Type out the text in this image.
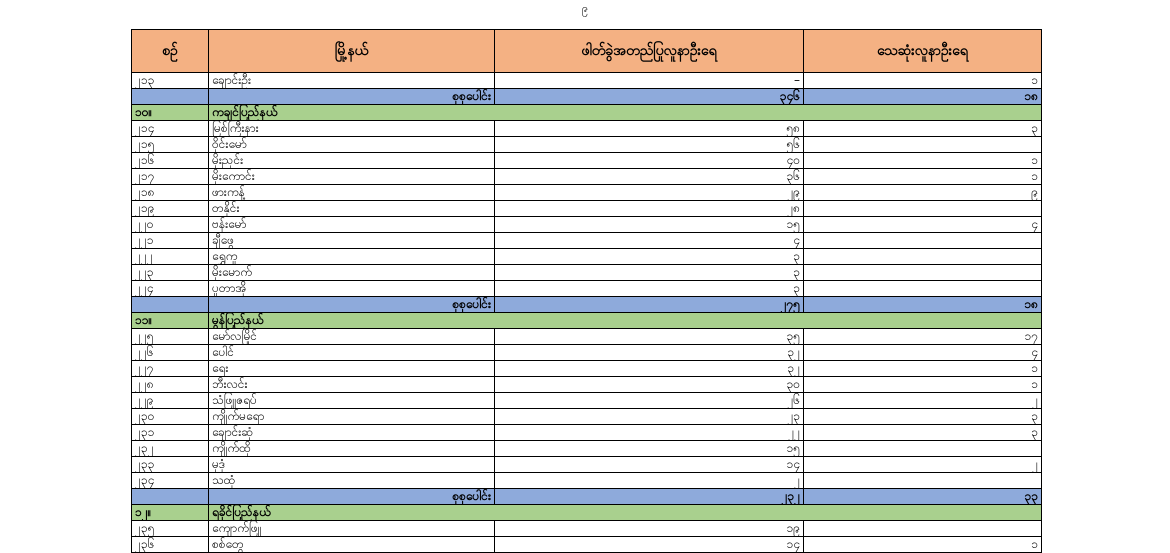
၉
စဉ်	မြို့နယ်	ဖါတ်ခွဲအတည်ပြုလူနာဦးရေ	သေဆုံးလူနာဦးရေ
၂၁၃	ချောင်းဦး	–	၁
	စုစုပေါင်း	၃၄၆	၁၈
၁၀။	ကချင်ပြည်နယ်		
၂၁၄	မြစ်ကြီးနား	၅၈	၃
၂၁၅	ဝိုင်းမော်	၅၆	
၂၁၆	မိုးညှင်း	၄၀	၁
၂၁၇	မိုးကောင်း	၃၆	၁
၂၁၈	ဖားကန့်	၂၉	၉
၂၁၉	တနိုင်း	၂၈	
၂၂၀	ဗန်းမော်	၁၅	၄
၂၂၁	ချီဖွေ	၄	
၂၂၂	ရွှေကူ	၃	
၂၂၃	မိုးမောက်	၃	
၂၂၄	ပူတာအို	၃	
	စုစုပေါင်း	၂၇၅	၁၈
၁၁။	မွန်ပြည်နယ်		
၂၂၅	မော်လမြိုင်	၃၅	၁၇
၂၂၆	ပေါင်	၃၂	၄
၂၂၇	ရေး	၃၂	၁
၂၂၈	ဘီးလင်း	၃၀	၁
၂၂၉	သံဖြူဇရပ်	၂၆	၂
၂၃၀	ကျိုက်မရော	၂၃	၃
၂၃၁	ချောင်းဆုံ	၂၂	၃
၂၃၂	ကျိုက်ထို	၁၅	
၂၃၃	မုဒုံ	၁၄	၂
၂၃၄	သထုံ	၂	
	စုစုပေါင်း	၂၃၂	၃၃
၁၂။	ရခိုင်ပြည်နယ်		
၂၃၅	ကျောက်ဖြူ	၁၉	
၂၃၆	စစ်တွေ	၁၄	၁
